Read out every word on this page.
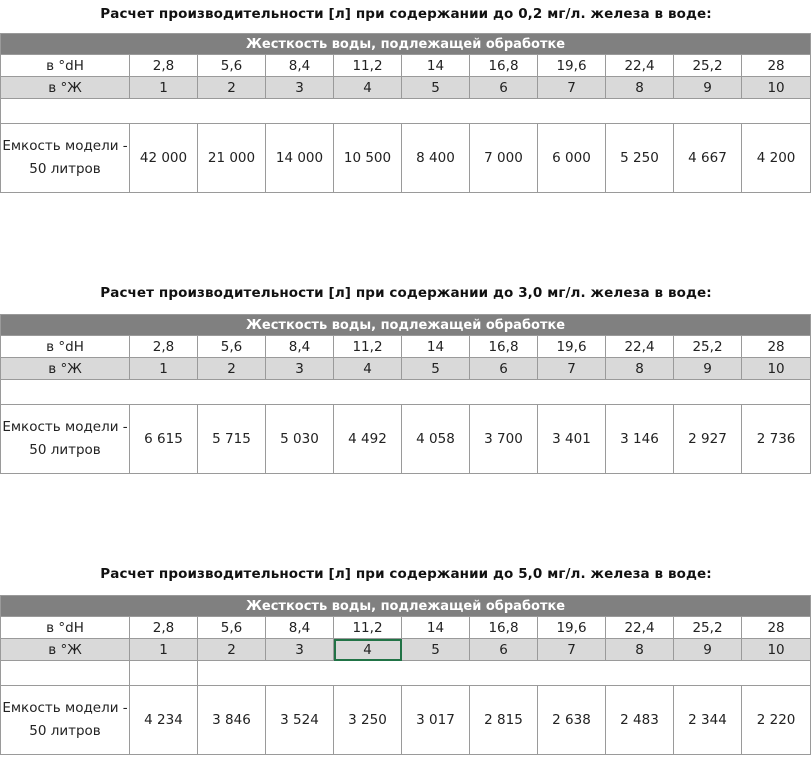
Расчет производительности [л] при содержании до 0,2 мг/л. железа в воде:
Жесткость воды, подлежащей обработке										
в °dH	2,8	5,6	8,4	11,2	14	16,8	19,6	22,4	25,2	28
в °Ж	1	2	3	4	5	6	7	8	9	10

Емкость модели - 50 литров	42 000	21 000	14 000	10 500	8 400	7 000	6 000	5 250	4 667	4 200
Расчет производительности [л] при содержании до 3,0 мг/л. железа в воде:
Жесткость воды, подлежащей обработке										
в °dH	2,8	5,6	8,4	11,2	14	16,8	19,6	22,4	25,2	28
в °Ж	1	2	3	4	5	6	7	8	9	10

Емкость модели - 50 литров	6 615	5 715	5 030	4 492	4 058	3 700	3 401	3 146	2 927	2 736
Расчет производительности [л] при содержании до 5,0 мг/л. железа в воде:
Жесткость воды, подлежащей обработке										
в °dH	2,8	5,6	8,4	11,2	14	16,8	19,6	22,4	25,2	28
в °Ж	1	2	3	4	5	6	7	8	9	10

Емкость модели - 50 литров	4 234	3 846	3 524	3 250	3 017	2 815	2 638	2 483	2 344	2 220
